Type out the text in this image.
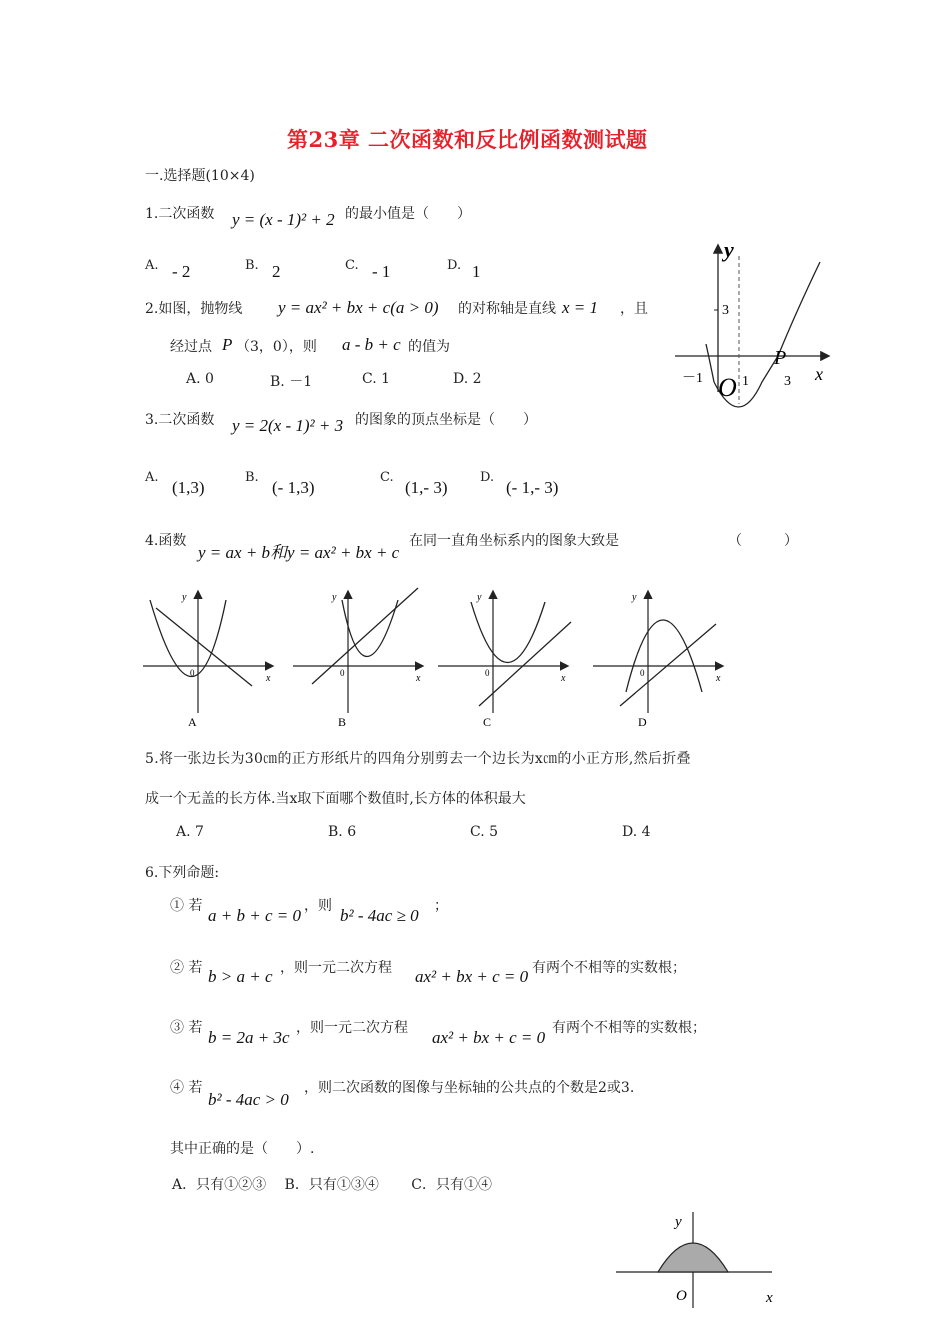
第23章 二次函数和反比例函数测试题
一.选择题(10×4)
1.二次函数 y = (x - 1)² + 2 的最小值是（　　）
A. - 2	B. 2	C. - 1	D. 1
2.如图，抛物线 y = ax² + bx + c(a > 0) 的对称轴是直线 x = 1 ，且
经过点 P （3，0），则 a - b + c 的值为
A. 0	B. －1	C. 1	D. 2
y
x
3
－1	1	3
O
P
3.二次函数 y = 2(x - 1)² + 3 的图象的顶点坐标是（　　）
A.
(1,3)
B.
(- 1,3)
C.
(1,- 3)
D.
(- 1,- 3)
4.函数
y = ax + b和y = ax² + bx + c
在同一直角坐标系内的图象大致是	（　　　）
y
x
0
A
y
x
0
B
y
x
0
C
y
x
0
D
5.将一张边长为30㎝的正方形纸片的四角分别剪去一个边长为x㎝的小正方形,然后折叠
成一个无盖的长方体.当x取下面哪个数值时,长方体的体积最大
A. 7	B. 6	C. 5	D. 4
6.下列命题:
① 若 a + b + c = 0 ，则 b² - 4ac ≥ 0 ；
② 若 b > a + c ，则一元二次方程 ax² + bx + c = 0 有两个不相等的实数根；
③ 若 b = 2a + 3c ，则一元二次方程 ax² + bx + c = 0 有两个不相等的实数根；
④ 若
b² - 4ac > 0
，则二次函数的图像与坐标轴的公共点的个数是2或3.
其中正确的是（　　）.
A．只有①②③　 B．只有①③④　　 C．只有①④
y
x
O
